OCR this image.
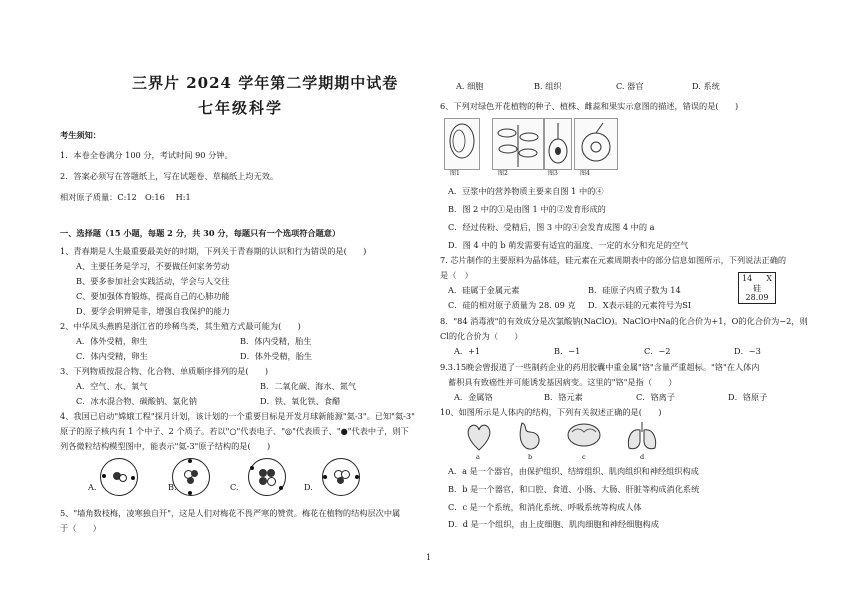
三界片 2024 学年第二学期期中试卷
七年级科学
考生须知：
1．本卷全卷满分 100 分，考试时间 90 分钟。
2．答案必须写在答题纸上，写在试题卷、草稿纸上均无效。
相对原子质量：C:12　O:16　 H:1
一、选择题（15 小题，每题 2 分，共 30 分，每题只有一个选项符合题意）
1、青春期是人生最重要最美好的时期，下列关于青春期的认识和行为错误的是(　　)
A、主要任务是学习，不要做任何家务劳动
B、要多参加社会实践活动，学会与人交往
C、要加强体育锻炼，提高自己的心肺功能
D、要学会明辨是非，增强自我保护的能力
2、中华凤头燕鸥是浙江省的珍稀鸟类，其生殖方式最可能为(　　)
A．体外受精，卵生	B．体内受精，胎生
C．体内受精，卵生	D．体外受精，胎生
3、下列物质按混合物、化合物、单质顺序排列的是(　　)
A．空气、水、氧气	B．二氧化碳、海水、氮气
C．冰水混合物、碳酸钠、氯化钠	D．铁、氧化铁、食醋
4、我国已启动"嫦娥工程"探月计划，该计划的一个重要目标是开发月球新能源"氦-3"。已知"氦-3"
原子的原子核内有 1 个中子、2 个质子。若以"○"代表电子、"◎"代表质子、"●"代表中子，则下
列各微粒结构模型图中，能表示"氦-3"原子结构的是(　　)
A.	B.	C.	D.
5、"墙角数枝梅，凌寒独自开"，这是人们对梅花不畏严寒的赞赏。梅花在植物的结构层次中属
于（　　）
A. 细胞	B. 组织	C. 器官	D. 系统
6、下列对绿色开花植物的种子、植株、雌蕊和果实示意图的描述，错误的是(　　)
图1	图2	图3	图4
A．豆浆中的营养物质主要来自图 1 中的④
B．图 2 中的①是由图 1 中的②发育形成的
C．经过传粉、受精后，图 3 中的④会发育成图 4 中的 a
D．图 4 中的 b 萌发需要有适宜的温度、一定的水分和充足的空气
7. 芯片制作的主要原料为晶体硅，硅元素在元素周期表中的部分信息如图所示，下列说法正确的
是（　）
A．硅属于金属元素	B．硅原子内质子数为 14
C．硅的相对原子质量为 28. 09 克 D．X表示硅的元素符号为SI
14 X
硅
28.09
8．"84 消毒液"的有效成分是次氯酸钠(NaClO)。NaClO中Na的化合价为+1，O的化合价为−2，则
Cl的化合价为（　　）
A．+1	B．−1	C．−2	D．−3
9.3.15晚会曾报道了一些制药企业的药用胶囊中重金属"铬"含量严重超标。"铬"在人体内
蓄积具有致癌性并可能诱发基因病变。这里的"铬"是指（　　）
A．金属铬	B．铬元素	C．铬离子	D．铬原子
10、如图所示是人体内的结构，下列有关叙述正确的是(　　)
a	b	c	d
A．a 是一个器官，由保护组织、结缔组织、肌肉组织和神经组织构成
B．b 是一个器官，和口腔、食道、小肠、大肠、肝脏等构成消化系统
C．c 是一个系统，和消化系统、呼吸系统等构成人体
D．d 是一个组织，由上皮细胞、肌肉细胞和神经细胞构成
1
